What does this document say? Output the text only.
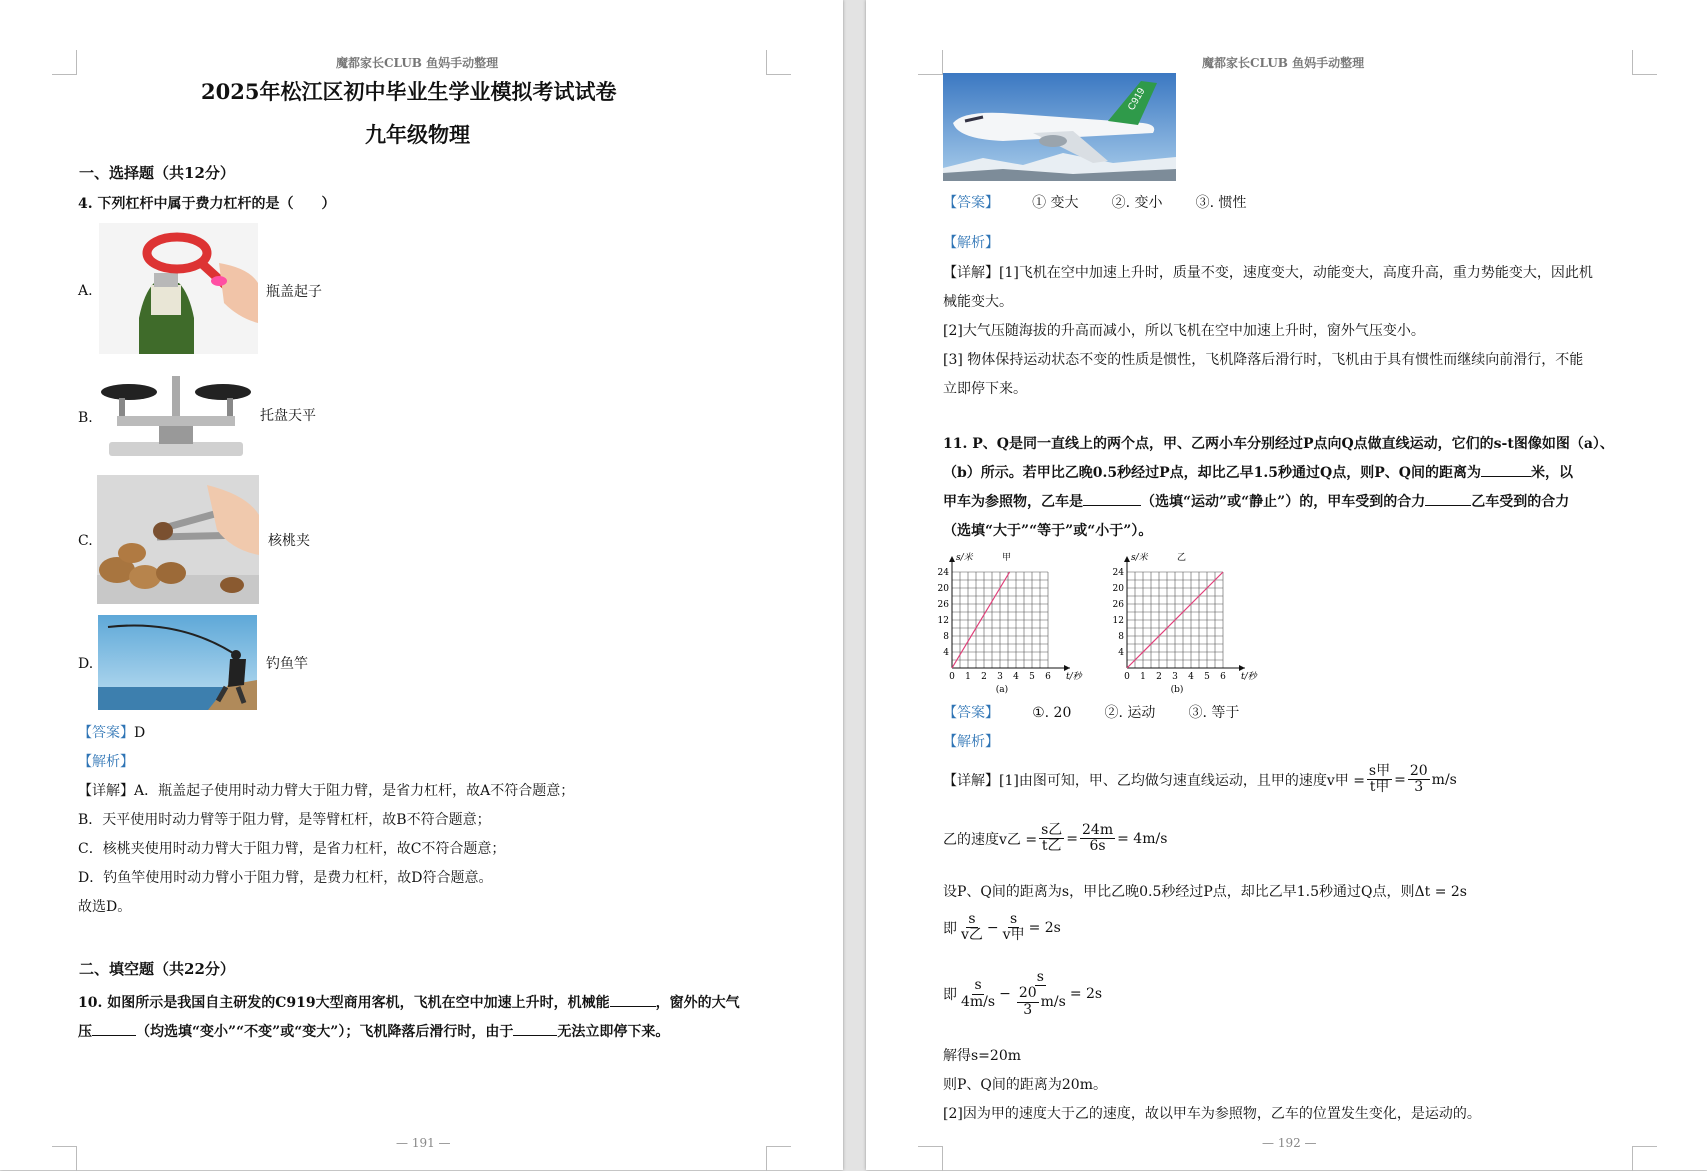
魔都家长CLUB 鱼妈手动整理
2025年松江区初中毕业生学业模拟考试试卷
九年级物理
一、选择题（共12分）
4. 下列杠杆中属于费力杠杆的是（　　）
A.	瓶盖起子
B.	托盘天平
C.	核桃夹
D.	钓鱼竿
【答案】D
【解析】
【详解】A．瓶盖起子使用时动力臂大于阻力臂，是省力杠杆，故A不符合题意；
B．天平使用时动力臂等于阻力臂，是等臂杠杆，故B不符合题意；
C．核桃夹使用时动力臂大于阻力臂，是省力杠杆，故C不符合题意；
D．钓鱼竿使用时动力臂小于阻力臂，是费力杠杆，故D符合题意。
故选D。
二、填空题（共22分）
10. 如图所示是我国自主研发的C919大型商用客机，飞机在空中加速上升时，机械能	，窗外的大气
压	（均选填“变小”“不变”或“变大”）；飞机降落后滑行时，由于	无法立即停下来。
— 191 —
魔都家长CLUB 鱼妈手动整理
C919
【答案】 ① 变大 ②. 变小 ③. 惯性
【解析】
【详解】[1]飞机在空中加速上升时，质量不变，速度变大，动能变大，高度升高，重力势能变大，因此机
械能变大。
[2]大气压随海拔的升高而减小，所以飞机在空中加速上升时，窗外气压变小。
[3] 物体保持运动状态不变的性质是惯性，飞机降落后滑行时，飞机由于具有惯性而继续向前滑行，不能
立即停下来。
11. P、Q是同一直线上的两个点，甲、乙两小车分别经过P点向Q点做直线运动，它们的s-t图像如图（a）、
（b）所示。若甲比乙晚0.5秒经过P点，却比乙早1.5秒通过Q点，则P、Q间的距离为	米，以
甲车为参照物，乙车是	（选填“运动”或“静止”）的，甲车受到的合力	乙车受到的合力
（选填“大于”“等于”或“小于”）。
0 1 2 3 4 5 6
4
8
12
26
20
24
s/米
t/秒
甲
(a)
0 1 2 3 4 5 6
4
8
12
26
20
24
s/米
t/秒
乙
(b)
【答案】 ①. 20 ②. 运动 ③. 等于
【解析】
【详解】 [1]由图可知，甲、乙均做匀速直线运动，且甲的速度v甲 = $\frac{\text{s甲}}{\text{t甲}} = \frac{20}{3} m/s$
乙的速度v乙 = $\frac{\text{s乙}}{\text{t乙}} = \frac{24m}{6s} = 4m/s$
设P、Q间的距离为s，甲比乙晚0.5秒经过P点，却比乙早1.5秒通过Q点，则Δt = 2s
即 $\frac{s}{\text{v乙}} - \frac{s}{\text{v甲}} = 2s$
即 $\frac{s}{4m/s} - \frac{s}{\frac{20}{3} m/s} = 2s$
解得s=20m
则P、Q间的距离为20m。
[2]因为甲的速度大于乙的速度，故以甲车为参照物，乙车的位置发生变化，是运动的。
— 192 —
